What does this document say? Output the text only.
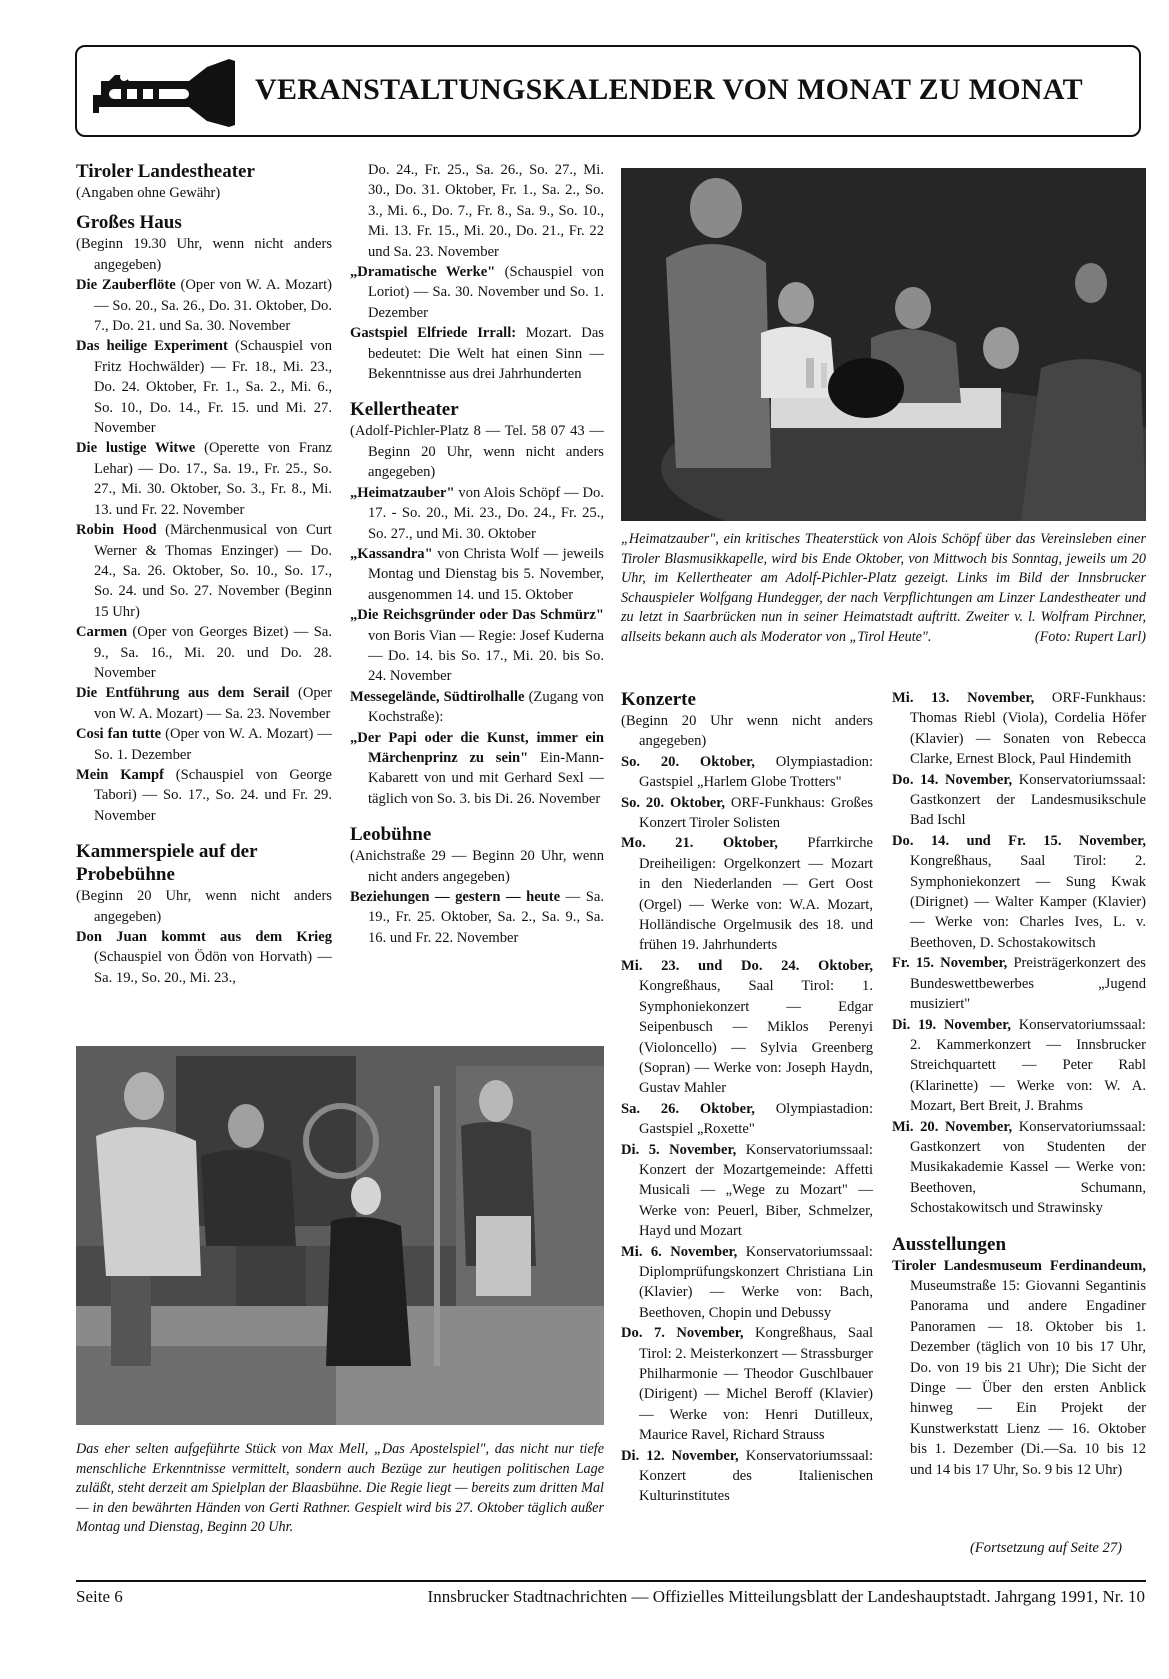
VERANSTALTUNGSKALENDER VON MONAT ZU MONAT
Tiroler Landestheater
(Angaben ohne Gewähr)
Großes Haus
(Beginn 19.30 Uhr, wenn nicht anders angegeben)
Die Zauberflöte (Oper von W. A. Mozart) — So. 20., Sa. 26., Do. 31. Oktober, Do. 7., Do. 21. und Sa. 30. November
Das heilige Experiment (Schauspiel von Fritz Hochwälder) — Fr. 18., Mi. 23., Do. 24. Oktober, Fr. 1., Sa. 2., Mi. 6., So. 10., Do. 14., Fr. 15. und Mi. 27. November
Die lustige Witwe (Operette von Franz Lehar) — Do. 17., Sa. 19., Fr. 25., So. 27., Mi. 30. Oktober, So. 3., Fr. 8., Mi. 13. und Fr. 22. November
Robin Hood (Märchenmusical von Curt Werner & Thomas Enzinger) — Do. 24., Sa. 26. Oktober, So. 10., So. 17., So. 24. und So. 27. November (Beginn 15 Uhr)
Carmen (Oper von Georges Bizet) — Sa. 9., Sa. 16., Mi. 20. und Do. 28. November
Die Entführung aus dem Serail (Oper von W. A. Mozart) — Sa. 23. November
Cosi fan tutte (Oper von W. A. Mozart) — So. 1. Dezember
Mein Kampf (Schauspiel von George Tabori) — So. 17., So. 24. und Fr. 29. November
Kammerspiele auf der Probebühne
(Beginn 20 Uhr, wenn nicht anders angegeben)
Don Juan kommt aus dem Krieg (Schauspiel von Ödön von Horvath) — Sa. 19., So. 20., Mi. 23.,
Do. 24., Fr. 25., Sa. 26., So. 27., Mi. 30., Do. 31. Oktober, Fr. 1., Sa. 2., So. 3., Mi. 6., Do. 7., Fr. 8., Sa. 9., So. 10., Mi. 13. Fr. 15., Mi. 20., Do. 21., Fr. 22 und Sa. 23. November
„Dramatische Werke" (Schauspiel von Loriot) — Sa. 30. November und So. 1. Dezember
Gastspiel Elfriede Irrall: Mozart. Das bedeutet: Die Welt hat einen Sinn — Bekenntnisse aus drei Jahrhunderten
Kellertheater
(Adolf-Pichler-Platz 8 — Tel. 58 07 43 — Beginn 20 Uhr, wenn nicht anders angegeben)
„Heimatzauber" von Alois Schöpf — Do. 17. - So. 20., Mi. 23., Do. 24., Fr. 25., So. 27., und Mi. 30. Oktober
„Kassandra" von Christa Wolf — jeweils Montag und Dienstag bis 5. November, ausgenommen 14. und 15. Oktober
„Die Reichsgründer oder Das Schmürz" von Boris Vian — Regie: Josef Kuderna — Do. 14. bis So. 17., Mi. 20. bis So. 24. November
Messegelände, Südtirolhalle (Zugang von Kochstraße):
„Der Papi oder die Kunst, immer ein Märchenprinz zu sein" Ein-Mann-Kabarett von und mit Gerhard Sexl — täglich von So. 3. bis Di. 26. November
Leobühne
(Anichstraße 29 — Beginn 20 Uhr, wenn nicht anders angegeben)
Beziehungen — gestern — heute — Sa. 19., Fr. 25. Oktober, Sa. 2., Sa. 9., Sa. 16. und Fr. 22. November
„Heimatzauber", ein kritisches Theaterstück von Alois Schöpf über das Vereinsleben einer Tiroler Blasmusikkapelle, wird bis Ende Oktober, von Mittwoch bis Sonntag, jeweils um 20 Uhr, im Kellertheater am Adolf-Pichler-Platz gezeigt. Links im Bild der Innsbrucker Schauspieler Wolfgang Hundegger, der nach Verpflichtungen am Linzer Landestheater und zu letzt in Saarbrücken nun in seiner Heimatstadt auftritt. Zweiter v. l. Wolfram Pirchner, allseits bekann auch als Moderator von „Tirol Heute".	(Foto: Rupert Larl)
Konzerte
(Beginn 20 Uhr wenn nicht anders angegeben)
So. 20. Oktober, Olympiastadion: Gastspiel „Harlem Globe Trotters"
So. 20. Oktober, ORF-Funkhaus: Großes Konzert Tiroler Solisten
Mo. 21. Oktober, Pfarrkirche Dreiheiligen: Orgelkonzert — Mozart in den Niederlanden — Gert Oost (Orgel) — Werke von: W.A. Mozart, Holländische Orgelmusik des 18. und frühen 19. Jahrhunderts
Mi. 23. und Do. 24. Oktober, Kongreßhaus, Saal Tirol: 1. Symphoniekonzert — Edgar Seipenbusch — Miklos Perenyi (Violoncello) — Sylvia Greenberg (Sopran) — Werke von: Joseph Haydn, Gustav Mahler
Sa. 26. Oktober, Olympiastadion: Gastspiel „Roxette"
Di. 5. November, Konservatoriumssaal: Konzert der Mozartgemeinde: Affetti Musicali — „Wege zu Mozart" — Werke von: Peuerl, Biber, Schmelzer, Hayd und Mozart
Mi. 6. November, Konservatoriumssaal: Diplomprüfungskonzert Christiana Lin (Klavier) — Werke von: Bach, Beethoven, Chopin und Debussy
Do. 7. November, Kongreßhaus, Saal Tirol: 2. Meisterkonzert — Strassburger Philharmonie — Theodor Guschlbauer (Dirigent) — Michel Beroff (Klavier) — Werke von: Henri Dutilleux, Maurice Ravel, Richard Strauss
Di. 12. November, Konservatoriumssaal: Konzert des Italienischen Kulturinstitutes
Mi. 13. November, ORF-Funkhaus: Thomas Riebl (Viola), Cordelia Höfer (Klavier) — Sonaten von Rebecca Clarke, Ernest Block, Paul Hindemith
Do. 14. November, Konservatoriumssaal: Gastkonzert der Landesmusikschule Bad Ischl
Do. 14. und Fr. 15. November, Kongreßhaus, Saal Tirol: 2. Symphoniekonzert — Sung Kwak (Dirignet) — Walter Kamper (Klavier) — Werke von: Charles Ives, L. v. Beethoven, D. Schostakowitsch
Fr. 15. November, Preisträgerkonzert des Bundeswettbewerbes „Jugend musiziert"
Di. 19. November, Konservatoriumssaal: 2. Kammerkonzert — Innsbrucker Streichquartett — Peter Rabl (Klarinette) — Werke von: W. A. Mozart, Bert Breit, J. Brahms
Mi. 20. November, Konservatoriumssaal: Gastkonzert von Studenten der Musikakademie Kassel — Werke von: Beethoven, Schumann, Schostakowitsch und Strawinsky
Ausstellungen
Tiroler Landesmuseum Ferdinandeum, Museumstraße 15: Giovanni Segantinis Panorama und andere Engadiner Panoramen — 18. Oktober bis 1. Dezember (täglich von 10 bis 17 Uhr, Do. von 19 bis 21 Uhr); Die Sicht der Dinge — Über den ersten Anblick hinweg — Ein Projekt der Kunstwerkstatt Lienz — 16. Oktober bis 1. Dezember (Di.—Sa. 10 bis 12 und 14 bis 17 Uhr, So. 9 bis 12 Uhr)
(Fortsetzung auf Seite 27)
Das eher selten aufgeführte Stück von Max Mell, „Das Apostelspiel", das nicht nur tiefe menschliche Erkenntnisse vermittelt, sondern auch Bezüge zur heutigen politischen Lage zuläßt, steht derzeit am Spielplan der Blaasbühne. Die Regie liegt — bereits zum dritten Mal — in den bewährten Händen von Gerti Rathner. Gespielt wird bis 27. Oktober täglich außer Montag und Dienstag, Beginn 20 Uhr.
Seite 6	Innsbrucker Stadtnachrichten — Offizielles Mitteilungsblatt der Landeshauptstadt. Jahrgang 1991, Nr. 10
